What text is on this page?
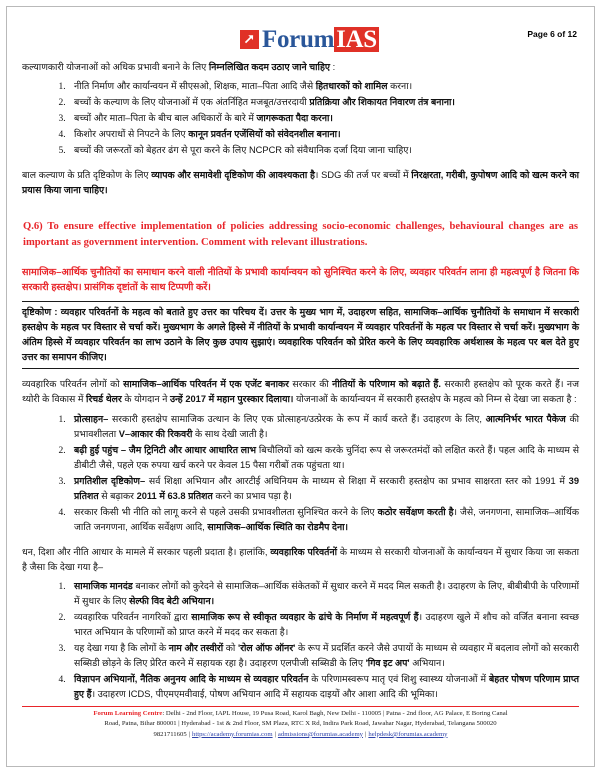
Forum IAS	Page 6 of 12
कल्याणकारी योजनाओं को अधिक प्रभावी बनाने के लिए निम्नलिखित कदम उठाए जाने चाहिए :
1. नीति निर्माण और कार्यान्वयन में सीएसओ, शिक्षक, माता–पिता आदि जैसे हितधारकों को शामिल करना।
2. बच्चों के कल्याण के लिए योजनाओं में एक अंतर्निहित मजबूत/उत्तरदायी प्रतिक्रिया और शिकायत निवारण तंत्र बनाना।
3. बच्चों और माता–पिता के बीच बाल अधिकारों के बारे में जागरूकता पैदा करना।
4. किशोर अपराधों से निपटने के लिए कानून प्रवर्तन एजेंसियों को संवेदनशील बनाना।
5. बच्चों की जरूरतों को बेहतर ढंग से पूरा करने के लिए NCPCR को संवैधानिक दर्जा दिया जाना चाहिए।
बाल कल्याण के प्रति दृष्टिकोण के लिए व्यापक और समावेशी दृष्टिकोण की आवश्यकता है। SDG की तर्ज पर बच्चों में निरक्षरता, गरीबी, कुपोषण आदि को खत्म करने का प्रयास किया जाना चाहिए।
Q.6) To ensure effective implementation of policies addressing socio-economic challenges, behavioural changes are as important as government intervention. Comment with relevant illustrations.
सामाजिक–आर्थिक चुनौतियों का समाधान करने वाली नीतियों के प्रभावी कार्यान्वयन को सुनिश्चित करने के लिए, व्यवहार परिवर्तन लाना ही महत्वपूर्ण है जितना कि सरकारी हस्तक्षेप। प्रासंगिक दृष्टांतों के साथ टिप्पणी करें।
दृष्टिकोण : व्यवहार परिवर्तनों के महत्व को बताते हुए उत्तर का परिचय दें। उत्तर के मुख्य भाग में, उदाहरण सहित, सामाजिक–आर्थिक चुनौतियों के समाधान में सरकारी हस्तक्षेप के महत्व पर विस्तार से चर्चा करें। मुख्यभाग के अगले हिस्से में नीतियों के प्रभावी कार्यान्वयन में व्यवहार परिवर्तनों के महत्व पर विस्तार से चर्चा करें। मुख्यभाग के अंतिम हिस्से में व्यवहार परिवर्तन का लाभ उठाने के लिए कुछ उपाय सुझाएं। व्यवहारिक परिवर्तन को प्रेरित करने के लिए व्यवहारिक अर्थशास्त्र के महत्व पर बल देते हुए उत्तर का समापन कीजिए।
व्यवहारिक परिवर्तन लोगों को सामाजिक–आर्थिक परिवर्तन में एक एजेंट बनाकर सरकार की नीतियों के परिणाम को बढ़ाते हैं. सरकारी हस्तक्षेप को पूरक करते हैं। नज थ्योरी के विकास में रिचर्ड थेलर के योगदान ने उन्हें 2017 में महान पुरस्कार दिलाया। योजनाओं के कार्यान्वयन में सरकारी हस्तक्षेप के महत्व को निम्न से देखा जा सकता है :
1. प्रोत्साहन– सरकारी हस्तक्षेप सामाजिक उत्थान के लिए एक प्रोत्साहन/उत्प्रेरक के रूप में कार्य करते हैं। उदाहरण के लिए, आत्मनिर्भर भारत पैकेज की प्रभावशीलता V–आकार की रिकवरी के साथ देखी जाती है।
2. बढ़ी हुई पहुंच – जैम ट्रिनिटी और आधार आधारित लाभ बिचौलियों को खत्म करके चुनिंदा रूप से जरूरतमंदों को लक्षित करते हैं। पहल आदि के माध्यम से डीबीटी जैसे, पहले एक रुपया खर्च करने पर केवल 15 पैसा गरीबों तक पहुंचता था।
3. प्रगतिशील दृष्टिकोण– सर्व शिक्षा अभियान और आरटीई अधिनियम के माध्यम से शिक्षा में सरकारी हस्तक्षेप का प्रभाव साक्षरता स्तर को 1991 में 39 प्रतिशत से बढ़ाकर 2011 में 63.8 प्रतिशत करने का प्रभाव पड़ा है।
4. सरकार किसी भी नीति को लागू करने से पहले उसकी प्रभावशीलता सुनिश्चित करने के लिए कठोर सर्वेक्षण करती है। जैसे, जनगणना, सामाजिक–आर्थिक जाति जनगणना, आर्थिक सर्वेक्षण आदि, सामाजिक–आर्थिक स्थिति का रोडमैप देना।
धन, दिशा और नीति आधार के मामले में सरकार पहली प्रदाता है। हालांकि, व्यवहारिक परिवर्तनों के माध्यम से सरकारी योजनाओं के कार्यान्वयन में सुधार किया जा सकता है जैसा कि देखा गया है–
1. सामाजिक मानदंड बनाकर लोगों को कुरेदने से सामाजिक–आर्थिक संकेतकों में सुधार करने में मदद मिल सकती है। उदाहरण के लिए, बीबीबीपी के परिणामों में सुधार के लिए सेल्फी विद बेटी अभियान।
2. व्यवहारिक परिवर्तन नागरिकों द्वारा सामाजिक रूप से स्वीकृत व्यवहार के ढांचे के निर्माण में महत्वपूर्ण हैं। उदाहरण खुले में शौच को वर्जित बनाना स्वच्छ भारत अभियान के परिणामों को प्राप्त करने में मदद कर सकता है।
3. यह देखा गया है कि लोगों के नाम और तस्वीरों को 'रोल ऑफ ऑनर' के रूप में प्रदर्शित करने जैसे उपायों के माध्यम से व्यवहार में बदलाव लोगों को सरकारी सब्सिडी छोड़ने के लिए प्रेरित करने में सहायक रहा है। उदाहरण एलपीजी सब्सिडी के लिए 'गिव इट अप' अभियान।
4. विज्ञापन अभियानों, नैतिक अनुनय आदि के माध्यम से व्यवहार परिवर्तन के परिणामस्वरूप मातृ एवं शिशु स्वास्थ्य योजनाओं में बेहतर पोषण परिणाम प्राप्त हुए हैं। उदाहरण ICDS, पीएमएमवीवाई, पोषण अभियान आदि में सहायक दाइयों और आशा आदि की भूमिका।
Forum Learning Centre: Delhi - 2nd Floor, IAPL House, 19 Pusa Road, Karol Bagh, New Delhi - 110005 | Patna - 2nd floor, AG Palace, E Boring Canal
Road, Patna, Bihar 800001 | Hyderabad - 1st & 2nd Floor, SM Plaza, RTC X Rd, Indira Park Road, Jawahar Nagar, Hyderabad, Telangana 500020
9821711605 | https://academy.forumias.com | admissions@forumias.academy | helpdesk@forumias.academy
